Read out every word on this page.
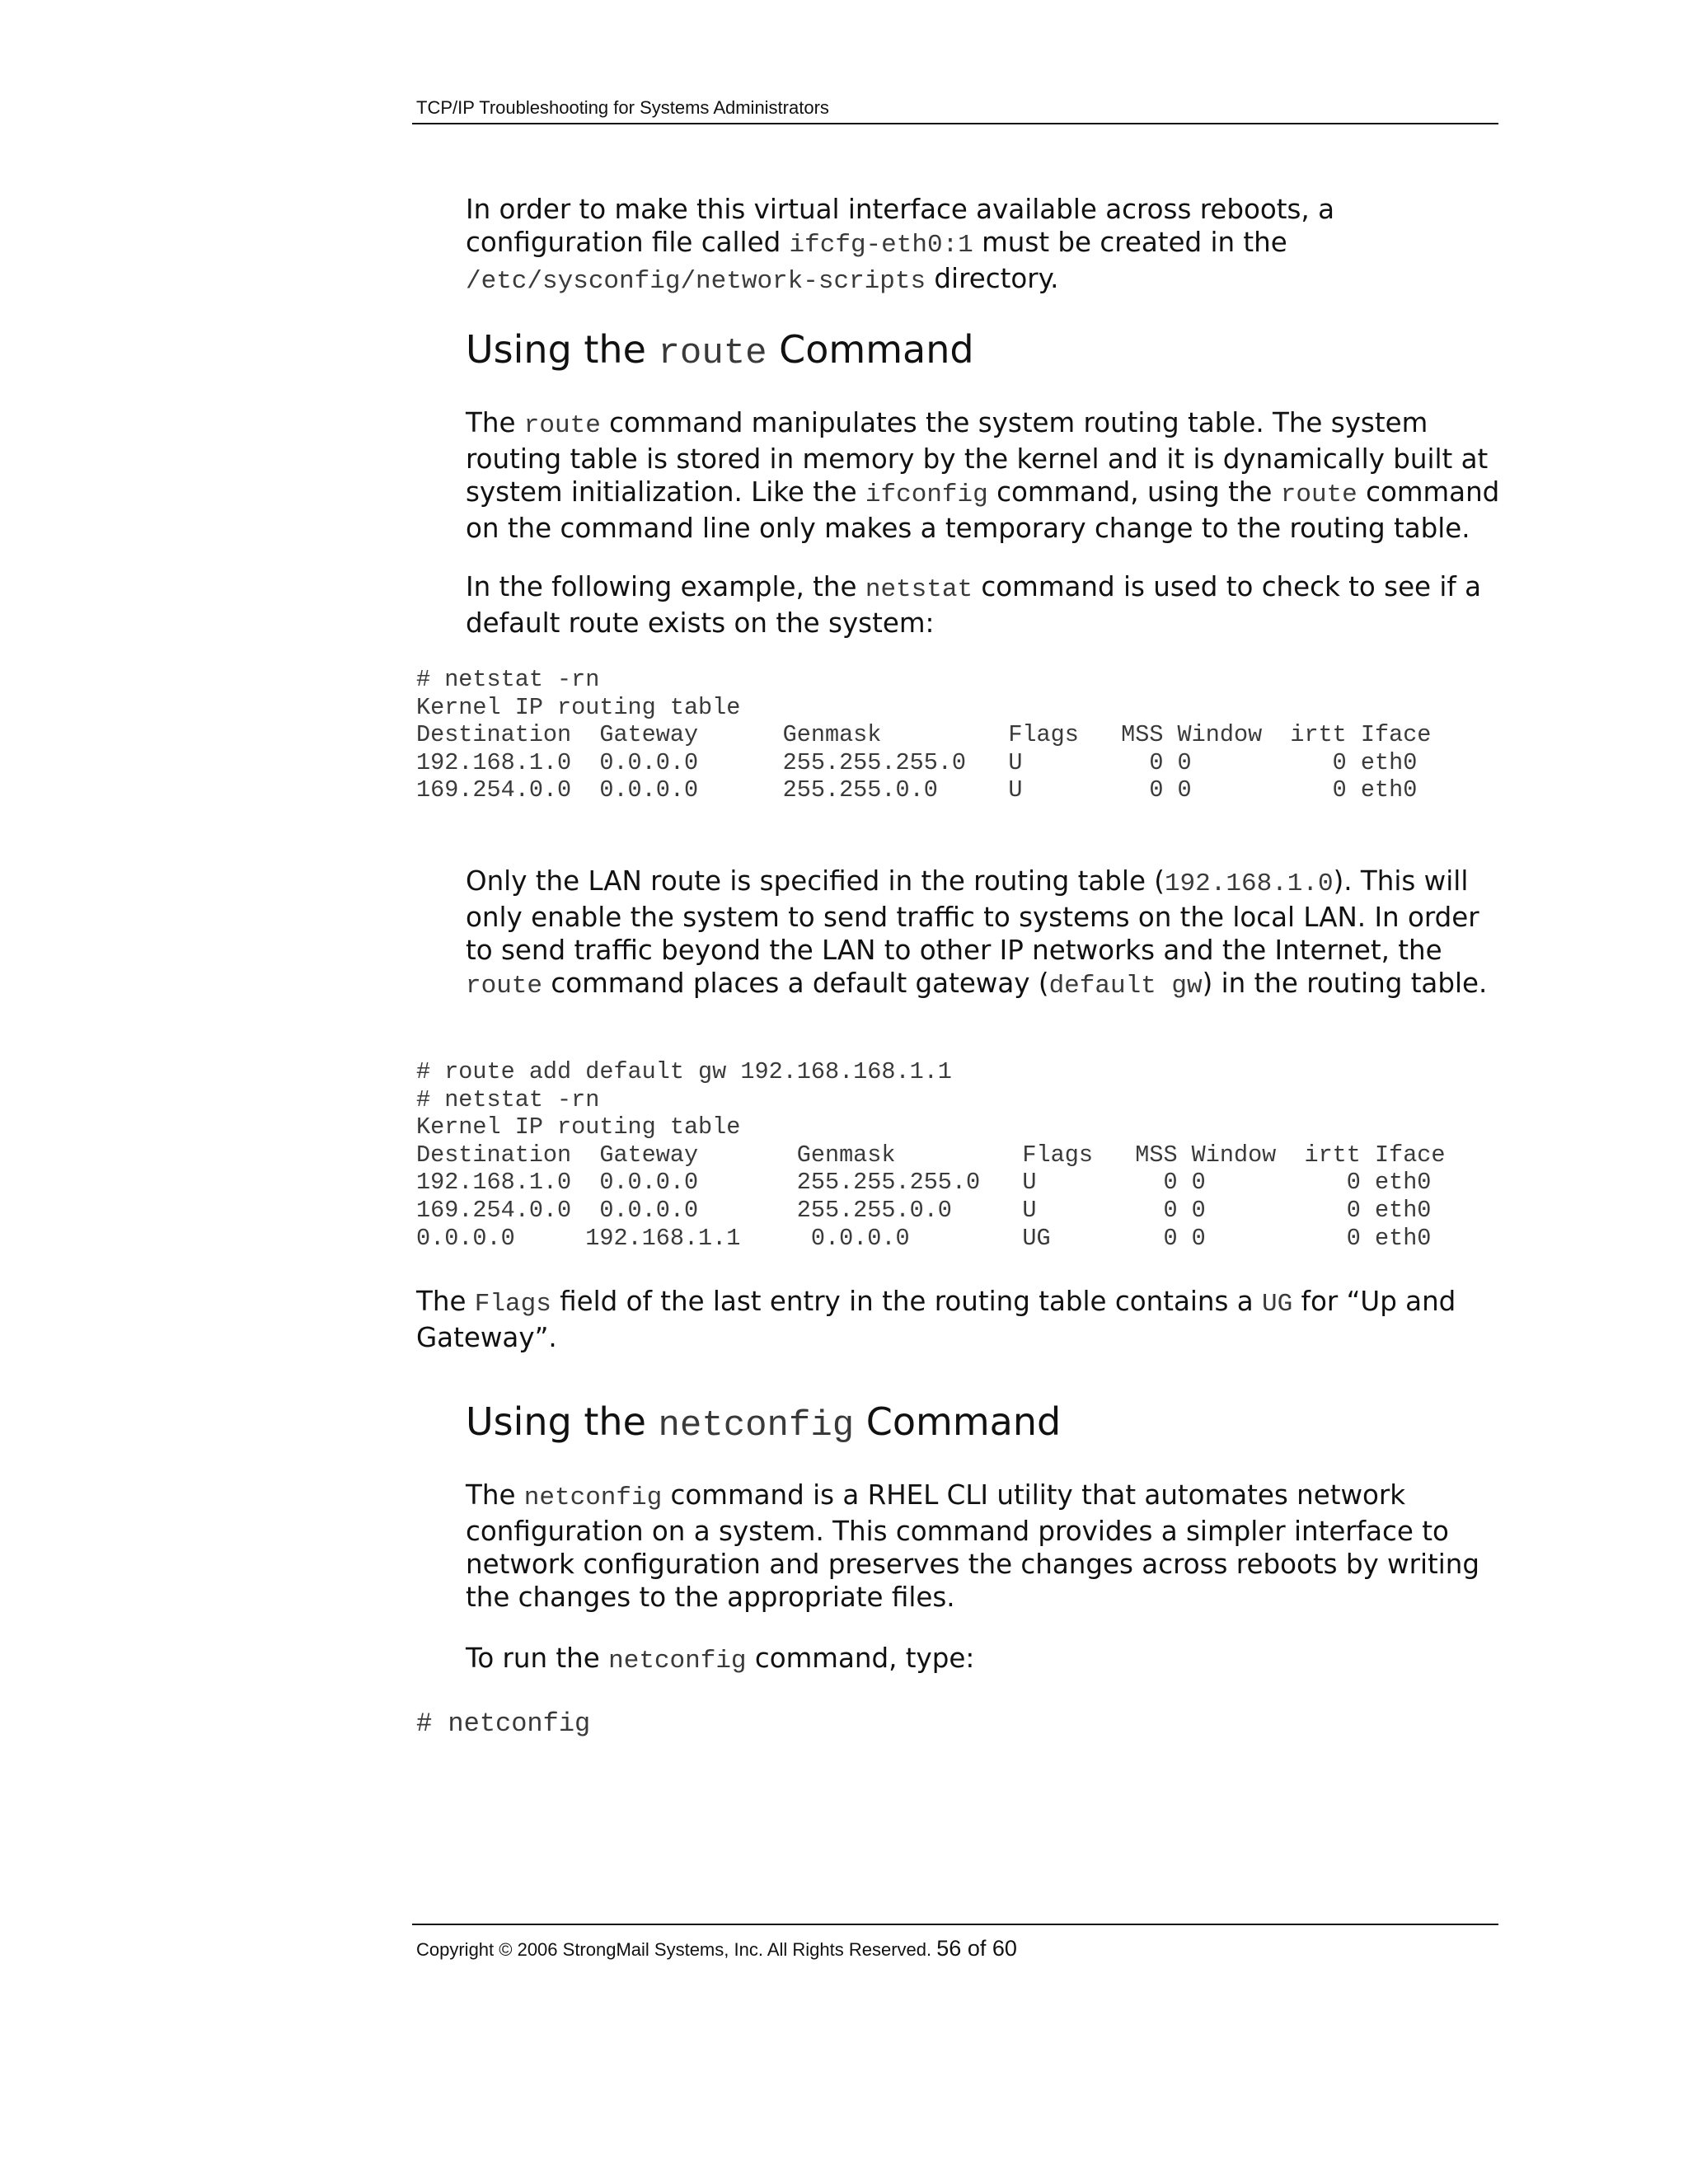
TCP/IP Troubleshooting for Systems Administrators

In order to make this virtual interface available across reboots, a configuration file called ifcfg-eth0:1 must be created in the
/etc/sysconfig/network-scripts directory.

Using the route Command

The route command manipulates the system routing table. The system routing table is stored in memory by the kernel and it is dynamically built at system initialization. Like the ifconfig command, using the route command on the command line only makes a temporary change to the routing table.

In the following example, the netstat command is used to check to see if a default route exists on the system:

# netstat -rn
Kernel IP routing table
Destination  Gateway      Genmask         Flags   MSS Window  irtt Iface
192.168.1.0  0.0.0.0      255.255.255.0   U         0 0          0 eth0
169.254.0.0  0.0.0.0      255.255.0.0     U         0 0          0 eth0

Only the LAN route is specified in the routing table (192.168.1.0). This will only enable the system to send traffic to systems on the local LAN. In order to send traffic beyond the LAN to other IP networks and the Internet, the route command places a default gateway (default gw) in the routing table.

# route add default gw 192.168.168.1.1
# netstat -rn
Kernel IP routing table
Destination  Gateway       Genmask         Flags   MSS Window  irtt Iface
192.168.1.0  0.0.0.0       255.255.255.0   U         0 0          0 eth0
169.254.0.0  0.0.0.0       255.255.0.0     U         0 0          0 eth0
0.0.0.0     192.168.1.1     0.0.0.0        UG        0 0          0 eth0

The Flags field of the last entry in the routing table contains a UG for “Up and Gateway”.

Using the netconfig Command

The netconfig command is a RHEL CLI utility that automates network configuration on a system. This command provides a simpler interface to network configuration and preserves the changes across reboots by writing the changes to the appropriate files.

To run the netconfig command, type:

# netconfig
Copyright © 2006 StrongMail Systems, Inc. All Rights Reserved. 56 of 60
